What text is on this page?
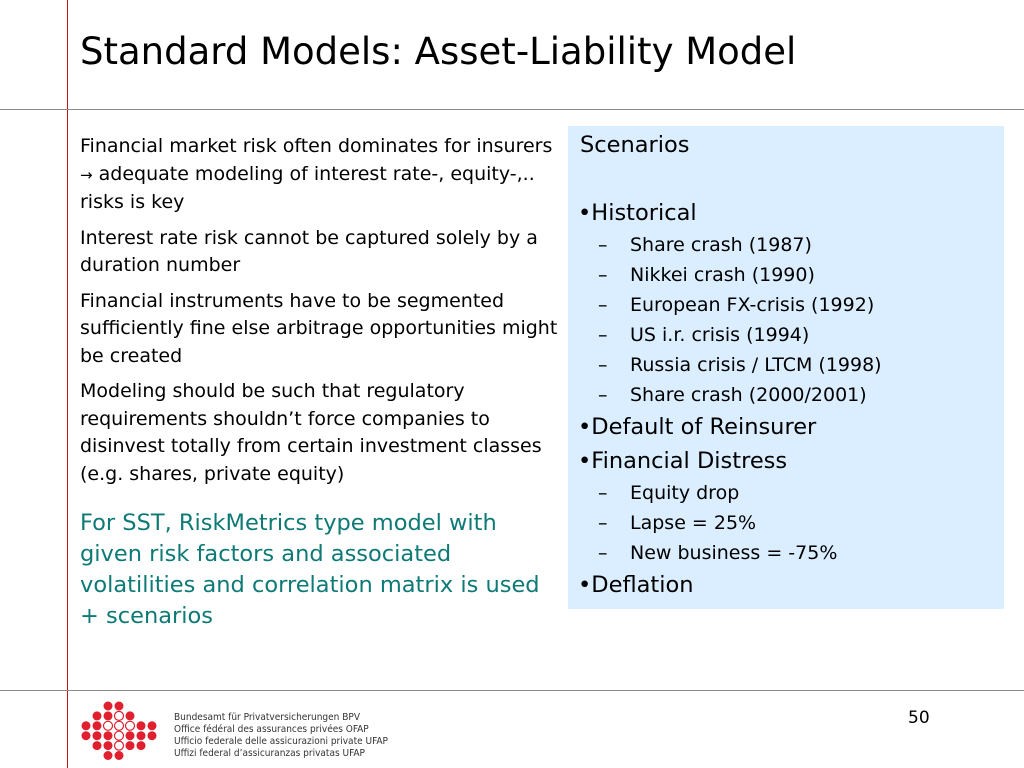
Standard Models: Asset-Liability Model

Financial market risk often dominates for insurers → adequate modeling of interest rate-, equity-,.. risks is key

Interest rate risk cannot be captured solely by a duration number

Financial instruments have to be segmented sufficiently fine else arbitrage opportunities might be created

Modeling should be such that regulatory requirements shouldn’t force companies to disinvest totally from certain investment classes (e.g. shares, private equity)

For SST, RiskMetrics type model with given risk factors and associated volatilities and correlation matrix is used + scenarios

Scenarios
•Historical
– Share crash (1987)
– Nikkei crash (1990)
– European FX-crisis (1992)
– US i.r. crisis (1994)
– Russia crisis / LTCM (1998)
– Share crash (2000/2001)
•Default of Reinsurer
•Financial Distress
– Equity drop
– Lapse = 25%
– New business = -75%
•Deflation
Bundesamt für Privatversicherungen BPV
Office fédéral des assurances privées OFAP
Ufficio federale delle assicurazioni private UFAP
Uffizi federal d’assicuranzas privatas UFAP
50
